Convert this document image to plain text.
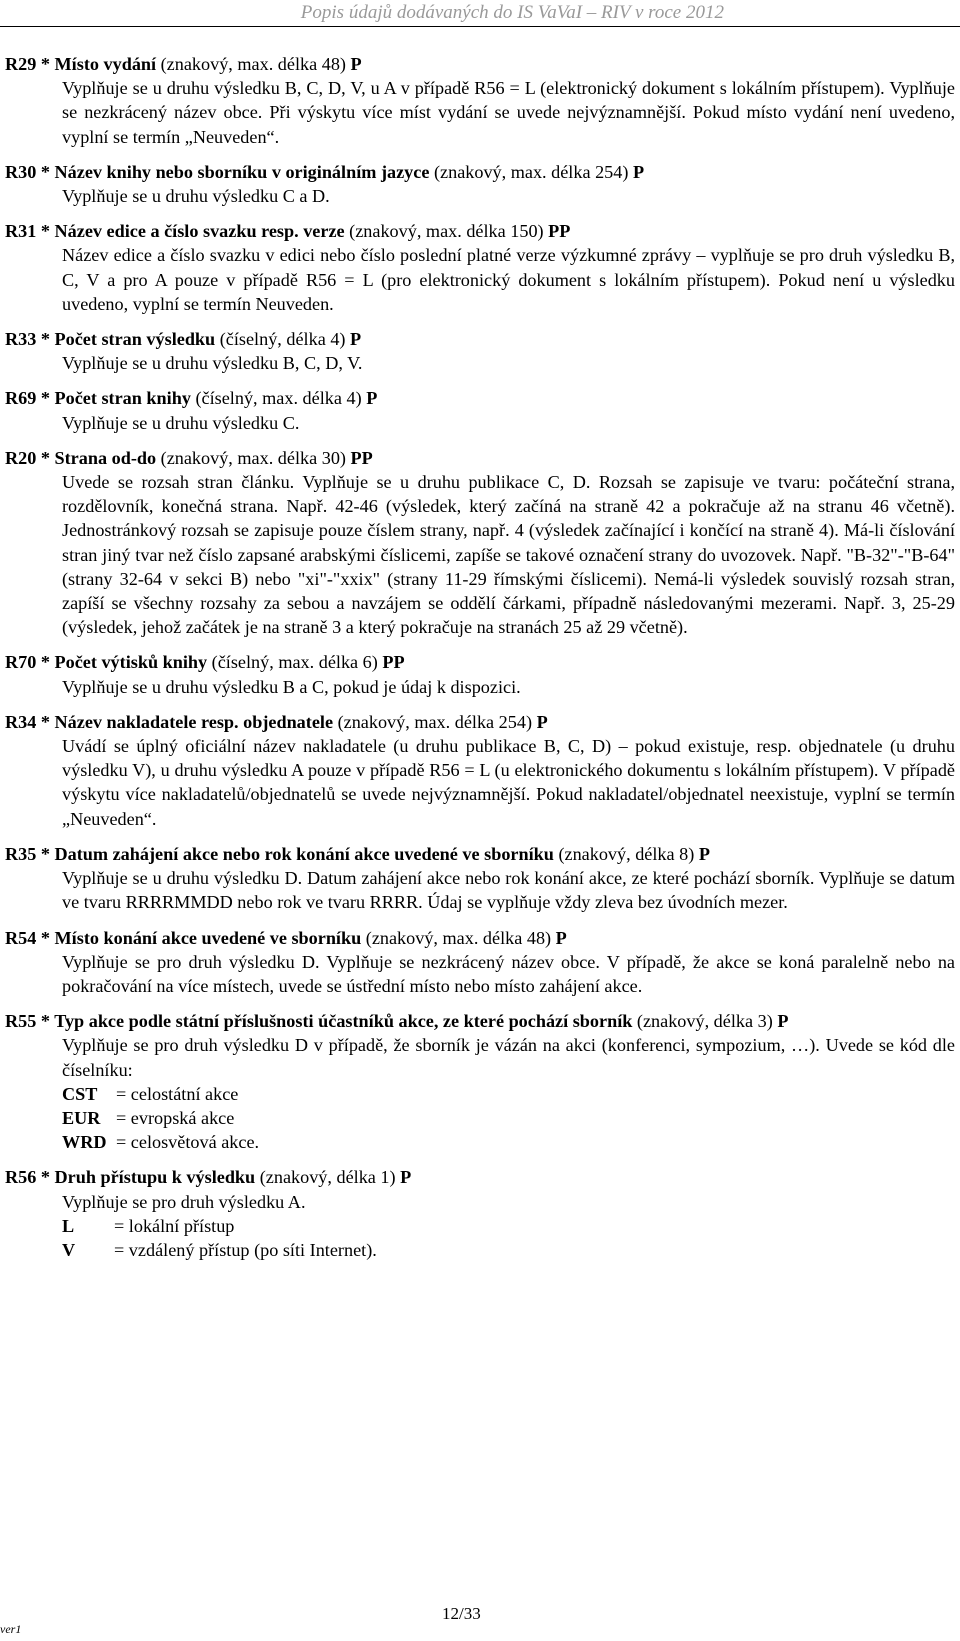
Popis údajů dodávaných do IS VaVaI – RIV v roce 2012

R29 * Místo vydání (znakový, max. délka 48) P

Vyplňuje se u druhu výsledku B, C, D, V, u A v případě R56 = L (elektronický dokument s lokálním přístupem). Vyplňuje se nezkrácený název obce. Při výskytu více míst vydání se uvede nejvýznamnější. Pokud místo vydání není uvedeno, vyplní se termín „Neuveden“.

R30 * Název knihy nebo sborníku v originálním jazyce (znakový, max. délka 254) P

Vyplňuje se u druhu výsledku C a D.

R31 * Název edice a číslo svazku resp. verze (znakový, max. délka 150) PP

Název edice a číslo svazku v edici nebo číslo poslední platné verze výzkumné zprávy – vyplňuje se pro druh výsledku B, C, V a pro A pouze v případě R56 = L (pro elektronický dokument s lokálním přístupem). Pokud není u výsledku uvedeno, vyplní se termín Neuveden.

R33 * Počet stran výsledku (číselný, délka 4) P

Vyplňuje se u druhu výsledku B, C, D, V.

R69 * Počet stran knihy (číselný, max. délka 4) P

Vyplňuje se u druhu výsledku C.

R20 * Strana od-do (znakový, max. délka 30) PP

Uvede se rozsah stran článku. Vyplňuje se u druhu publikace C, D. Rozsah se zapisuje ve tvaru: počáteční strana, rozdělovník, konečná strana. Např. 42-46 (výsledek, který začíná na straně 42 a pokračuje až na stranu 46 včetně). Jednostránkový rozsah se zapisuje pouze číslem strany, např. 4 (výsledek začínající i končící na straně 4). Má-li číslování stran jiný tvar než číslo zapsané arabskými číslicemi, zapíše se takové označení strany do uvozovek. Např. "B-32"-"B-64" (strany 32-64 v sekci B) nebo "xi"-"xxix" (strany 11-29 římskými číslicemi). Nemá-li výsledek souvislý rozsah stran, zapíší se všechny rozsahy za sebou a navzájem se oddělí čárkami, případně následovanými mezerami. Např. 3, 25-29 (výsledek, jehož začátek je na straně 3 a který pokračuje na stranách 25 až 29 včetně).

R70 * Počet výtisků knihy (číselný, max. délka 6) PP

Vyplňuje se u druhu výsledku B a C, pokud je údaj k dispozici.

R34 * Název nakladatele resp. objednatele (znakový, max. délka 254) P

Uvádí se úplný oficiální název nakladatele (u druhu publikace B, C, D) – pokud existuje, resp. objednatele (u druhu výsledku V), u druhu výsledku A pouze v případě R56 = L (u elektronického dokumentu s lokálním přístupem). V případě výskytu více nakladatelů/objednatelů se uvede nejvýznamnější. Pokud nakladatel/objednatel neexistuje, vyplní se termín „Neuveden“.

R35 * Datum zahájení akce nebo rok konání akce uvedené ve sborníku (znakový, délka 8) P

Vyplňuje se u druhu výsledku D. Datum zahájení akce nebo rok konání akce, ze které pochází sborník. Vyplňuje se datum ve tvaru RRRRMMDD nebo rok ve tvaru RRRR. Údaj se vyplňuje vždy zleva bez úvodních mezer.

R54 * Místo konání akce uvedené ve sborníku (znakový, max. délka 48) P

Vyplňuje se pro druh výsledku D. Vyplňuje se nezkrácený název obce. V případě, že akce se koná paralelně nebo na pokračování na více místech, uvede se ústřední místo nebo místo zahájení akce.

R55 * Typ akce podle státní příslušnosti účastníků akce, ze které pochází sborník (znakový, délka 3) P

Vyplňuje se pro druh výsledku D v případě, že sborník je vázán na akci (konferenci, sympozium, …). Uvede se kód dle číselníku:

CST	= celostátní akce
EUR = evropská akce
WRD = celosvětová akce.

R56 * Druh přístupu k výsledku (znakový, délka 1) P

Vyplňuje se pro druh výsledku A.

L	= lokální přístup
V	= vzdálený přístup (po síti Internet).
ver1
12/33
